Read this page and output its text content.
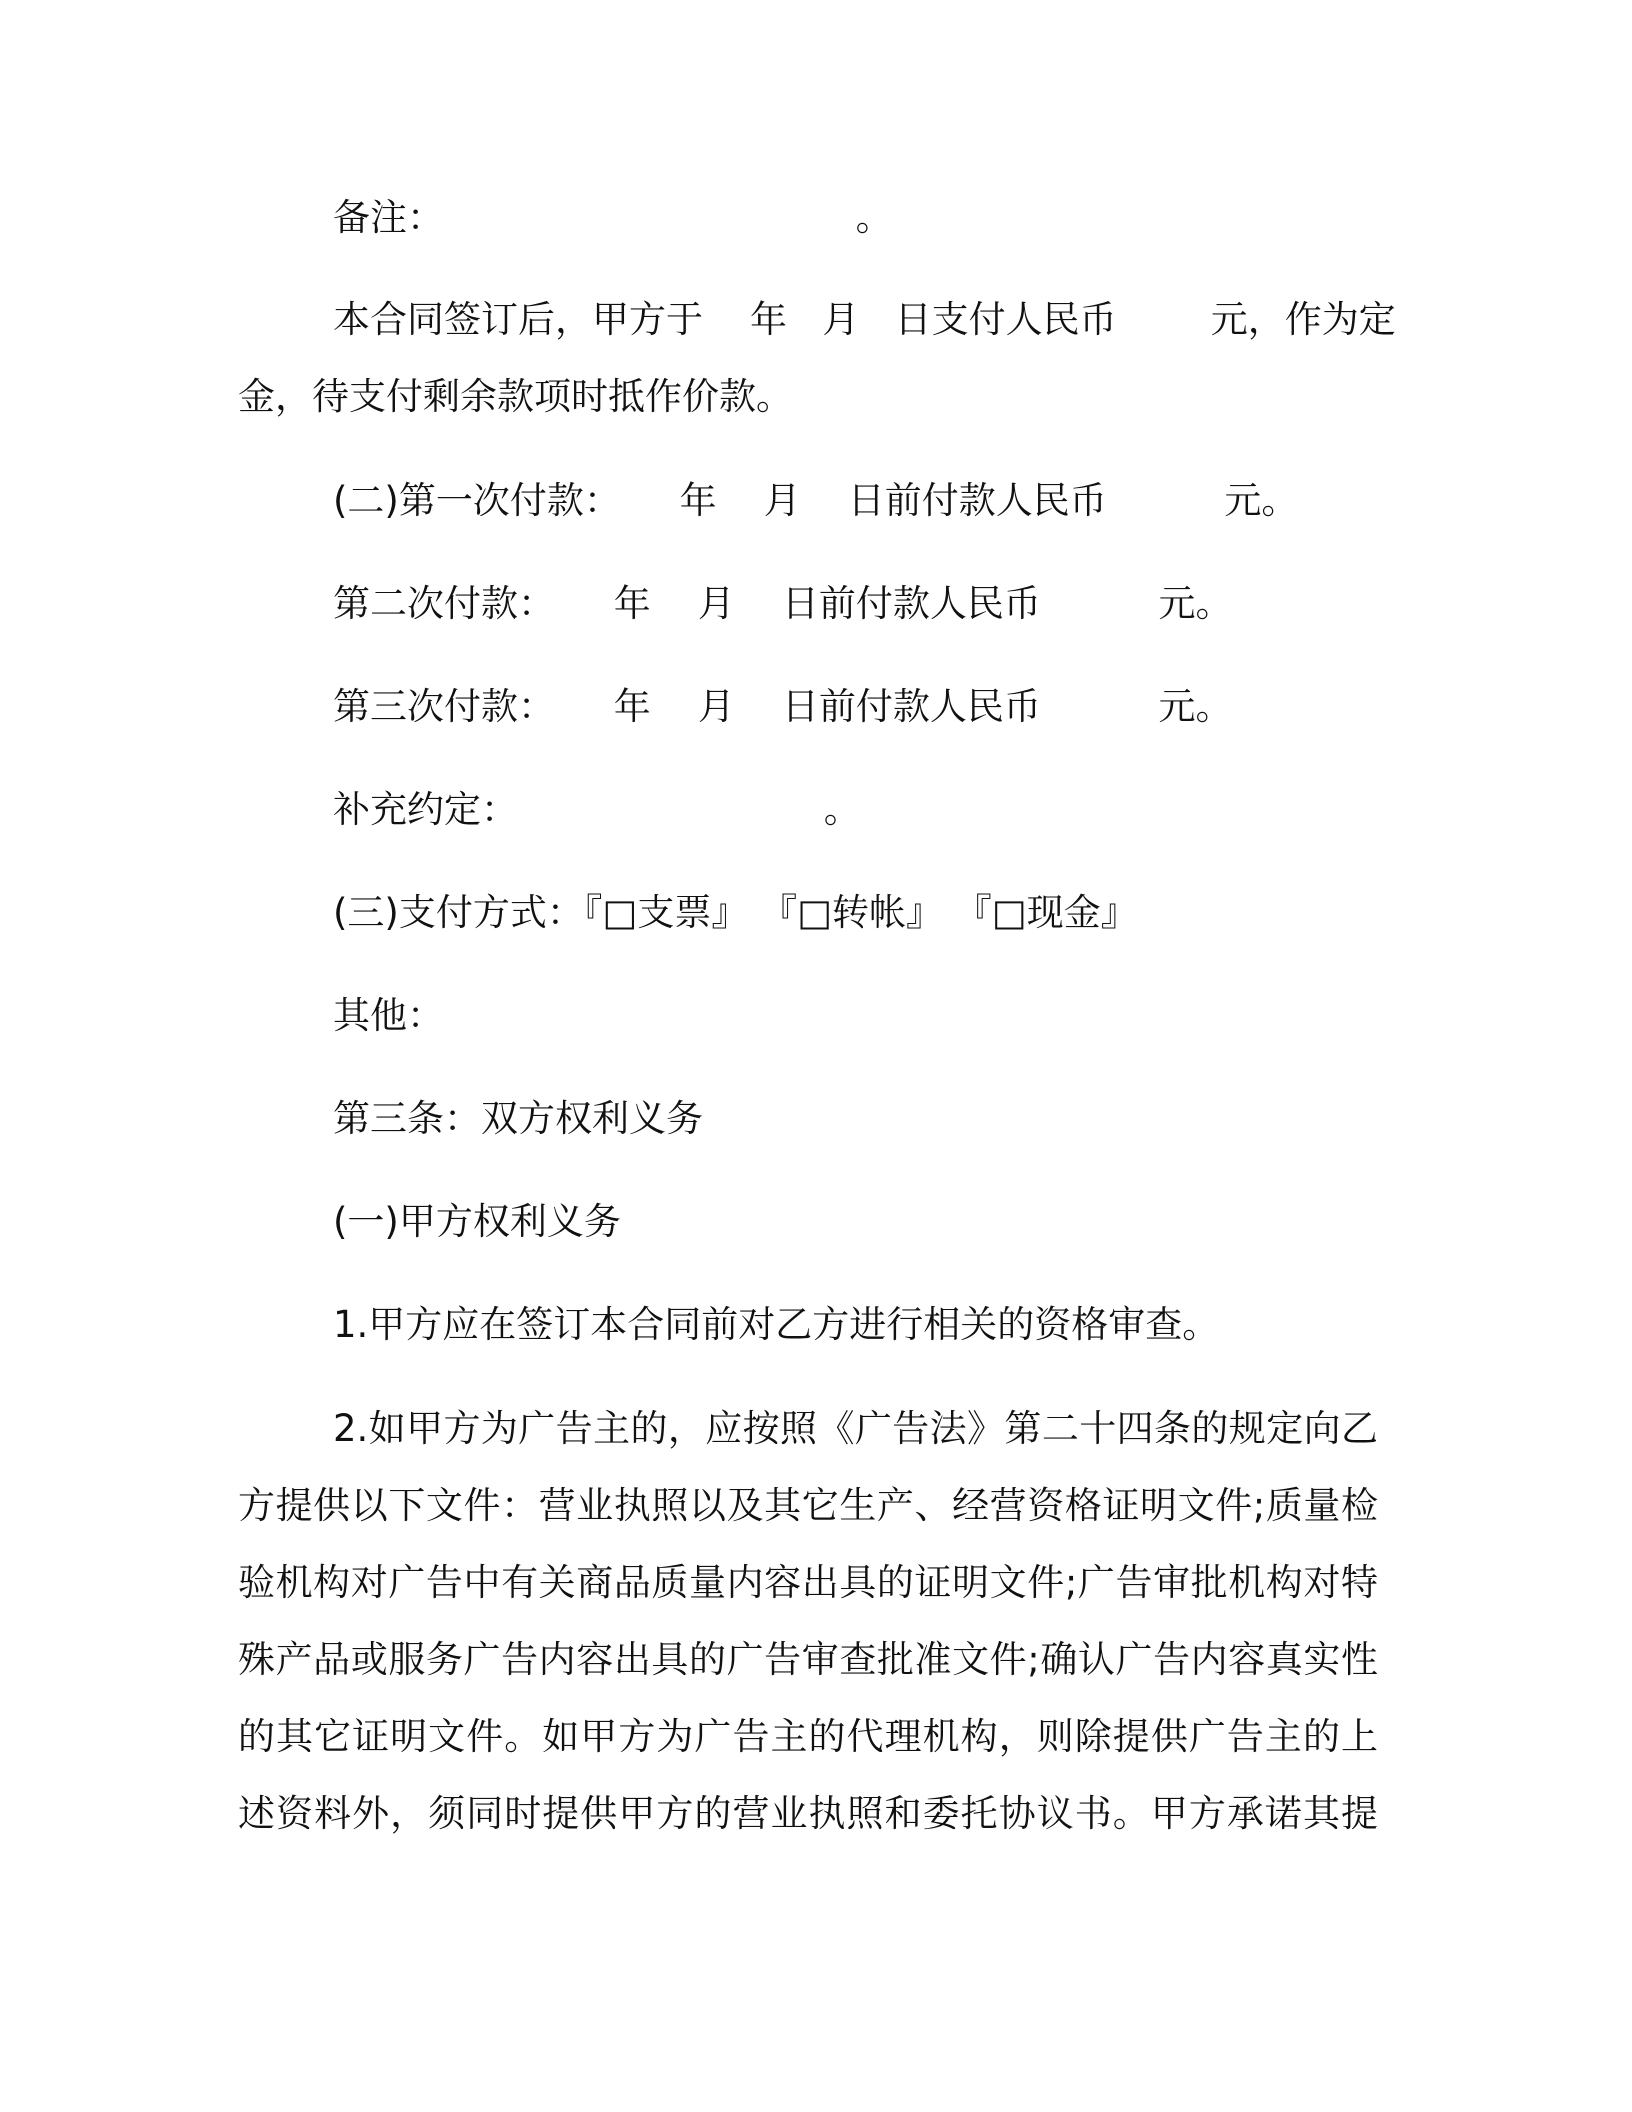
备注：                                   。
本合同签订后，甲方于    年   月   日支付人民币        元，作为定
金，待支付剩余款项时抵作价款。
(二)第一次付款：     年    月    日前付款人民币          元。
第二次付款：     年    月    日前付款人民币          元。
第三次付款：     年    月    日前付款人民币          元。
补充约定：                          。
(三)支付方式：『□支票』 『□转帐』 『□现金』
其他：
第三条：双方权利义务
(一)甲方权利义务
1.甲方应在签订本合同前对乙方进行相关的资格审查。
2.如甲方为广告主的，应按照《广告法》第二十四条的规定向乙
方提供以下文件：营业执照以及其它生产、经营资格证明文件;质量检
验机构对广告中有关商品质量内容出具的证明文件;广告审批机构对特
殊产品或服务广告内容出具的广告审查批准文件;确认广告内容真实性
的其它证明文件。如甲方为广告主的代理机构，则除提供广告主的上
述资料外，须同时提供甲方的营业执照和委托协议书。甲方承诺其提
